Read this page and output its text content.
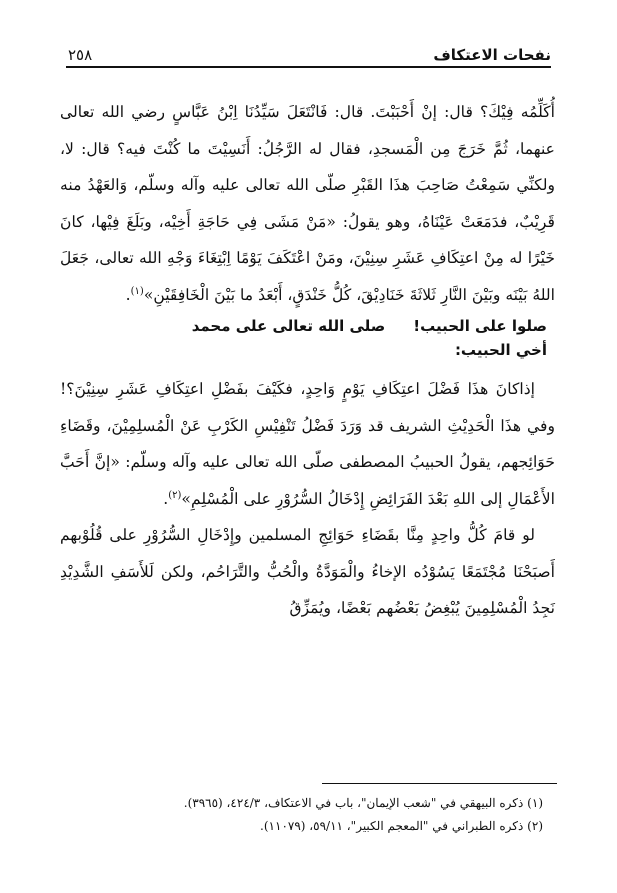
نفحات الاعتكاف
٢٥٨

أُكَلِّمُه فِيْكَ؟ قال: إنْ أَحْبَبْتَ. قال: فَانْتَعَلَ سَيِّدُنَا اِبْنُ عَبَّاسٍ رضي الله تعالى عنهما، ثُمَّ خَرَجَ مِن الْمَسجدِ، فقال له الرَّجُلُ: أَنَسِيْتَ ما كُنْتَ فيه؟ قال: لا، ولكنِّي سَمِعْتُ صَاحِبَ هذَا القَبْرِ صلّى الله تعالى عليه وآله وسلّم، وَالعَهْدُ منه قَرِيْبٌ، فدَمَعَتْ عَيْنَاهُ، وهو يقولُ: «مَنْ مَشَى فِي حَاجَةِ أَخِيْه، وبَلَغَ فِيْها، كانَ خَيْرًا له مِنْ اعتِكَافِ عَشَرِ سِنِيْنَ، ومَنْ اعْتَكَفَ يَوْمًا اِبْتِغَاءَ وَجْهِ الله تعالى، جَعَلَ اللهُ بَيْنَه وبَيْنَ النَّارِ ثَلاثَةَ خَنَادِيْقَ، كُلُّ خَنْدَقٍ، أَبْعَدُ ما بَيْنَ الْخَافِقَيْنِ»$^{(١)}$.

صلوا على الحبيب!
صلى الله تعالى على محمد

أخي الحبيب:

إذاكانَ هذَا فَضْلَ اعتِكَافِ يَوْمٍ وَاحِدٍ، فكَيْفَ بفَضْلِ اعتِكَافِ عَشَرِ سِنِيْنَ؟! وفي هذَا الْحَدِيْثِ الشريف قد وَرَدَ فَضْلُ تَنْفِيْسِ الكَرْبِ عَنْ الْمُسلِمِيْنَ، وقَضَاءِ حَوَائِجهم، يقولُ الحبيبُ المصطفى صلّى الله تعالى عليه وآله وسلّم: «إنَّ أَحَبَّ الأَعْمَالِ إلى اللهِ بَعْدَ الفَرَائِضِ إِدْخَالُ السُّرُوْرِ على الْمُسْلِمِ»$^{(٢)}$.

لو قامَ كُلُّ واحِدٍ مِنَّا بقَضَاءِ حَوَائِجِ المسلمين وإِدْخَالِ السُّرُوْرِ على قُلُوْبهم أَصبَحْنَا مُجْتَمَعًا يَسُوْدُه الإخاءُ والْمَوَدَّةُ والْحُبُّ والتَّرَاحُم، ولكن لَلأَسَفِ الشَّدِيْدِ نَجِدُ الْمُسْلِمِينَ يُبْغِضُ بَعْضُهم بَعْضًا، ويُمَزِّقُ

(١) ذكره البيهقي في "شعب الإيمان"، باب في الاعتكاف، ٤٢٤/٣، (٣٩٦٥).

(٢) ذكره الطبراني في "المعجم الكبير"، ٥٩/١١، (١١٠٧٩).
